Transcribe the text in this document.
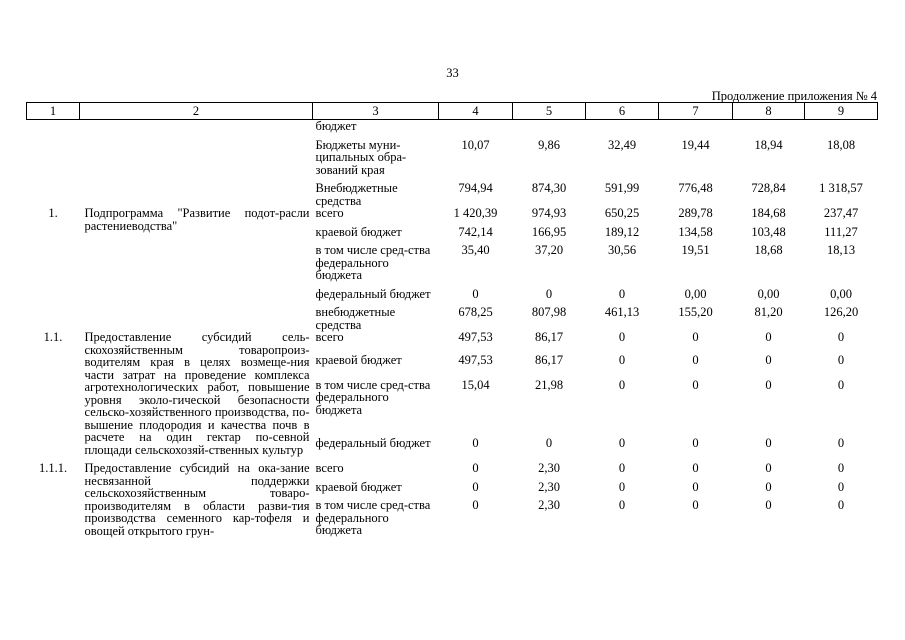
33
Продолжение приложения № 4
1	2	3	4	5	6	7	8	9
		бюджет						
		Бюджеты муни-ципальных обра-зований края	10,07	9,86	32,49	19,44	18,94	18,08
		Внебюджетные средства	794,94	874,30	591,99	776,48	728,84	1 318,57
1.	Подпрограмма "Развитие подот-расли растениеводства"	всего	1 420,39	974,93	650,25	289,78	184,68	237,47
		краевой бюджет	742,14	166,95	189,12	134,58	103,48	111,27
		в том числе сред-ства федерального бюджета	35,40	37,20	30,56	19,51	18,68	18,13
		федеральный бюджет	0	0	0	0,00	0,00	0,00
		внебюджетные средства	678,25	807,98	461,13	155,20	81,20	126,20
1.1.	Предоставление субсидий сель-скохозяйственным товаропроиз-водителям края в целях возмеще-ния части затрат на проведение комплекса агротехнологических работ, повышение уровня эколо-гической безопасности сельско-хозяйственного производства, по-вышение плодородия и качества почв в расчете на один гектар по-севной площади сельскохозяй-ственных культур	всего	497,53	86,17	0	0	0	0
		краевой бюджет	497,53	86,17	0	0	0	0
		в том числе сред-ства федерального бюджета	15,04	21,98	0	0	0	0
		федеральный бюджет	0	0	0	0	0	0
1.1.1.	Предоставление субсидий на ока-зание несвязанной поддержки сельскохозяйственным товаро-производителям в области разви-тия производства семенного кар-тофеля и овощей открытого грун-	всего	0	2,30	0	0	0	0
		краевой бюджет	0	2,30	0	0	0	0
		в том числе сред-ства федерального бюджета	0	2,30	0	0	0	0
